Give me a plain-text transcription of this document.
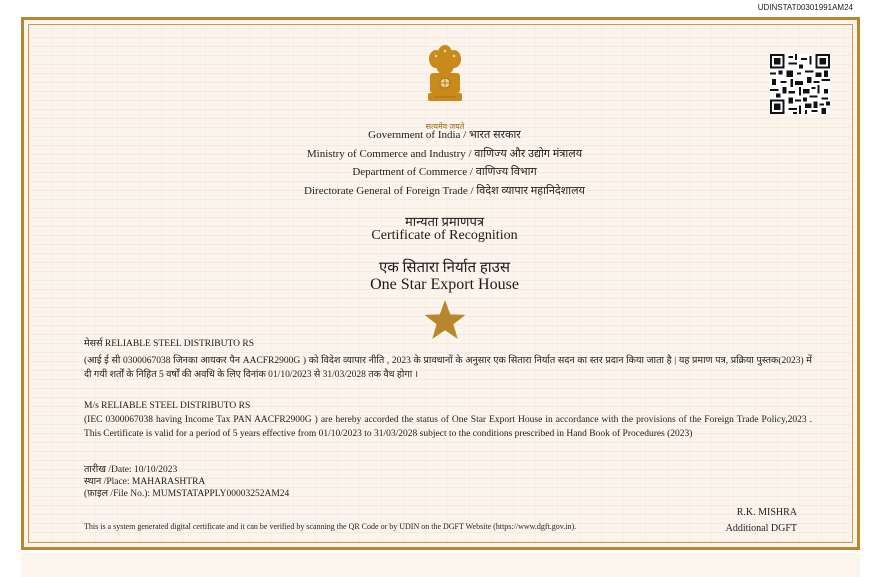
UDINSTAT00301991AM24
सत्यमेव जयते
Government of India / भारत सरकार
Ministry of Commerce and Industry / वाणिज्य और उद्योग मंत्रालय
Department of Commerce / वाणिज्य विभाग
Directorate General of Foreign Trade / विदेश व्यापार महानिदेशालय
मान्यता प्रमाणपत्र
Certificate of Recognition
एक सितारा निर्यात हाउस
One Star Export House

मेसर्स RELIABLE STEEL DISTRIBUTO RS

(आई ई सी 0300067038 जिनका आयकर पैन AACFR2900G ) को विदेश व्यापार नीति , 2023 के प्रावधानों के अनुसार एक सितारा निर्यात सदन का स्तर प्रदान किया जाता है | यह प्रमाण पत्र, प्रक्रिया पुस्तक(2023) में दी गयी शर्तों के निहित 5 वर्षों की अवधि के लिए दिनांक 01/10/2023 से 31/03/2028 तक वैध होगा ।

M/s RELIABLE STEEL DISTRIBUTO RS

(IEC 0300067038 having Income Tax PAN AACFR2900G ) are hereby accorded the status of One Star Export House in accordance with the provisions of the Foreign Trade Policy,2023 . This Certificate is valid for a period of 5 years effective from 01/10/2023 to 31/03/2028 subject to the conditions prescribed in Hand Book of Procedures (2023)

तारीख /Date: 10/10/2023

स्थान /Place: MAHARASHTRA

(फ़ाइल /File No.): MUMSTATAPPLY00003252AM24

R.K. MISHRA
Additional DGFT
This is a system generated digital certificate and it can be verified by scanning the QR Code or by UDIN on the DGFT Website (https://www.dgft.gov.in).
